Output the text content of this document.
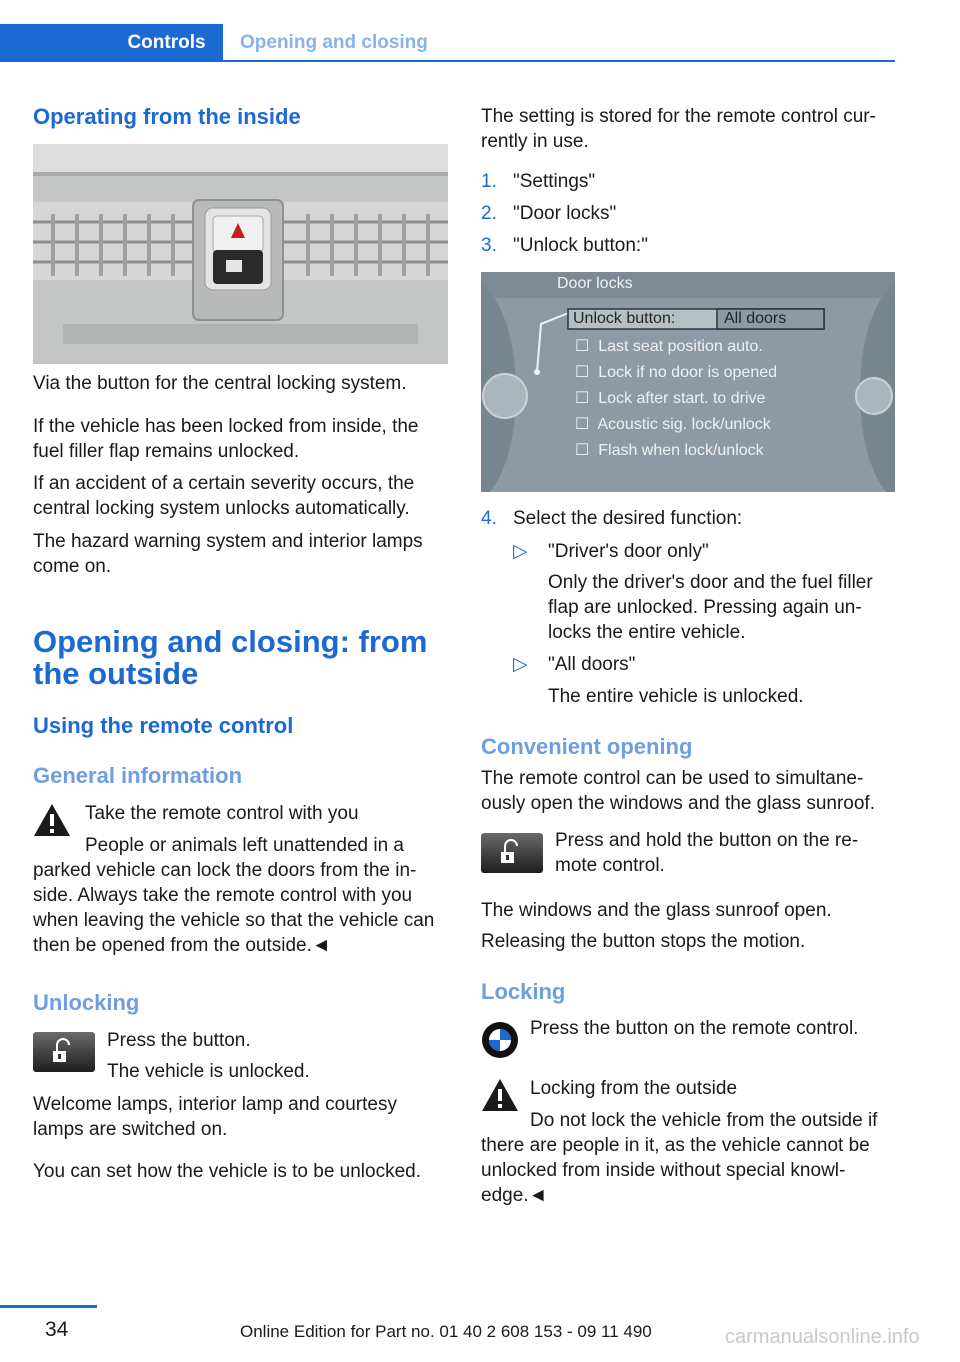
Controls	Opening and closing
Operating from the inside
Via the button for the central locking system.
If the vehicle has been locked from inside, the fuel filler flap remains unlocked.
If an accident of a certain severity occurs, the central locking system unlocks automatically.
The hazard warning system and interior lamps come on.
Opening and closing: from the outside
Using the remote control
General information
Take the remote control with you
People or animals left unattended in a parked vehicle can lock the doors from the in-side. Always take the remote control with you when leaving the vehicle so that the vehicle can then be opened from the outside.◄
Unlocking
Press the button.
The vehicle is unlocked.
Welcome lamps, interior lamp and courtesy lamps are switched on.
You can set how the vehicle is to be unlocked.
The setting is stored for the remote control cur-rently in use.
1. "Settings"
2. "Door locks"
3. "Unlock button:"
Door locks
Unlock button:	All doors
☐  Last seat position auto.
☐  Lock if no door is opened
☐  Lock after start. to drive
☐  Acoustic sig. lock/unlock
☐  Flash when lock/unlock
4. Select the desired function:
▷ "Driver's door only"
Only the driver's door and the fuel filler flap are unlocked. Pressing again un-locks the entire vehicle.
▷ "All doors"
The entire vehicle is unlocked.
Convenient opening
The remote control can be used to simultane-ously open the windows and the glass sunroof.
Press and hold the button on the re-mote control.
The windows and the glass sunroof open.
Releasing the button stops the motion.
Locking
Press the button on the remote control.
Locking from the outside
Do not lock the vehicle from the outside if there are people in it, as the vehicle cannot be unlocked from inside without special knowl-edge.◄
34	Online Edition for Part no. 01 40 2 608 153 - 09 11 490	carmanualsonline.info
